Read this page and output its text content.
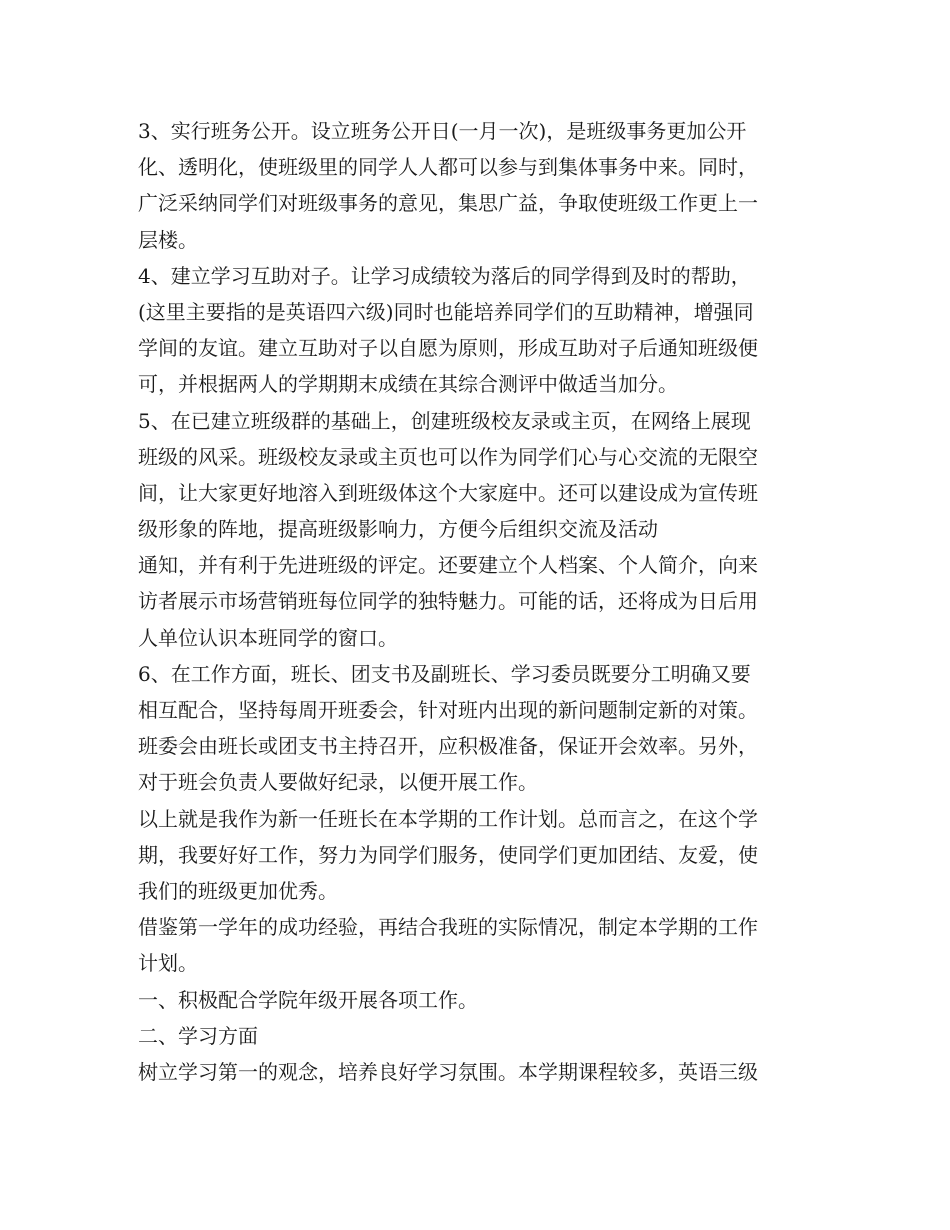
3、实行班务公开。设立班务公开日(一月一次)，是班级事务更加公开
化、透明化，使班级里的同学人人都可以参与到集体事务中来。同时，
广泛采纳同学们对班级事务的意见，集思广益，争取使班级工作更上一
层楼。
4、建立学习互助对子。让学习成绩较为落后的同学得到及时的帮助，
(这里主要指的是英语四六级)同时也能培养同学们的互助精神，增强同
学间的友谊。建立互助对子以自愿为原则，形成互助对子后通知班级便
可，并根据两人的学期期末成绩在其综合测评中做适当加分。
5、在已建立班级群的基础上，创建班级校友录或主页，在网络上展现
班级的风采。班级校友录或主页也可以作为同学们心与心交流的无限空
间，让大家更好地溶入到班级体这个大家庭中。还可以建设成为宣传班
级形象的阵地，提高班级影响力，方便今后组织交流及活动
通知，并有利于先进班级的评定。还要建立个人档案、个人简介，向来
访者展示市场营销班每位同学的独特魅力。可能的话，还将成为日后用
人单位认识本班同学的窗口。
6、在工作方面，班长、团支书及副班长、学习委员既要分工明确又要
相互配合，坚持每周开班委会，针对班内出现的新问题制定新的对策。
班委会由班长或团支书主持召开，应积极准备，保证开会效率。另外，
对于班会负责人要做好纪录，以便开展工作。
以上就是我作为新一任班长在本学期的工作计划。总而言之，在这个学
期，我要好好工作，努力为同学们服务，使同学们更加团结、友爱，使
我们的班级更加优秀。
借鉴第一学年的成功经验，再结合我班的实际情况，制定本学期的工作
计划。
一、积极配合学院年级开展各项工作。
二、学习方面
树立学习第一的观念，培养良好学习氛围。本学期课程较多，英语三级
